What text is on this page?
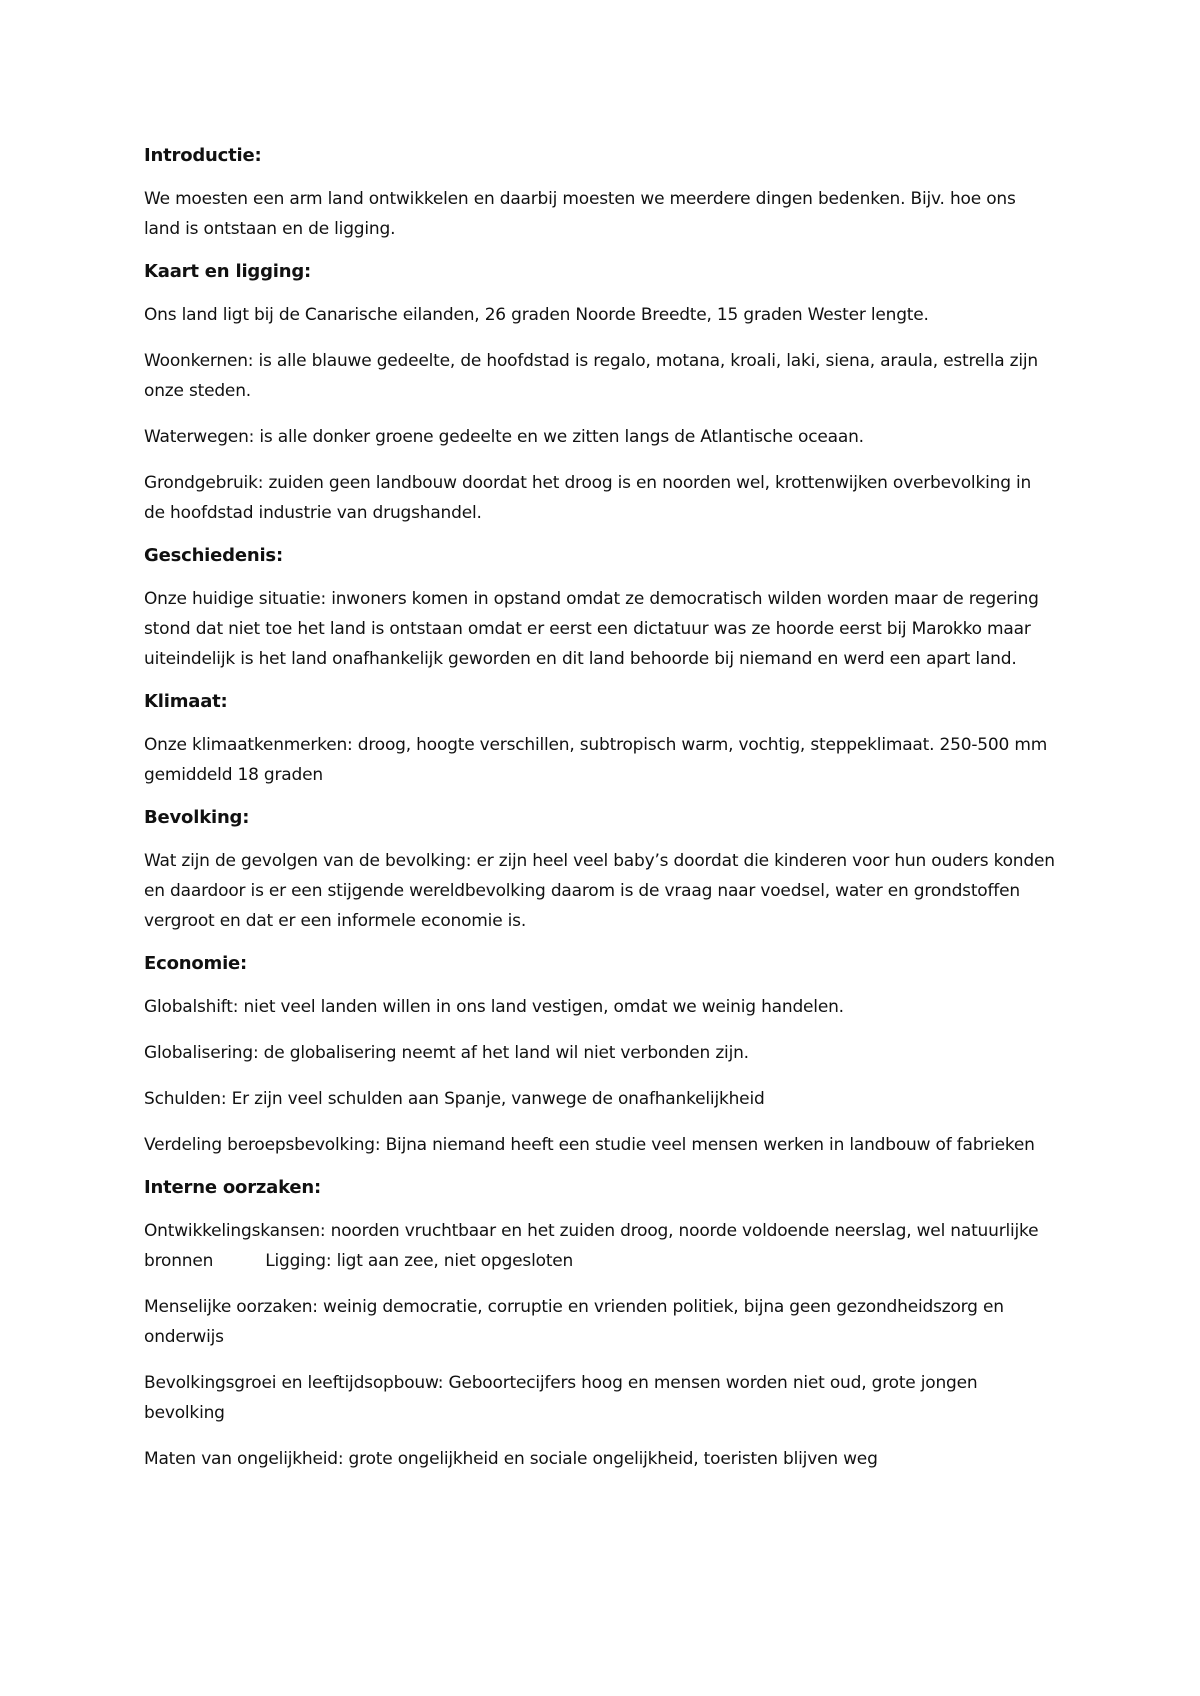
Introductie:

We moesten een arm land ontwikkelen en daarbij moesten we meerdere dingen bedenken. Bijv. hoe ons land is ontstaan en de ligging.

Kaart en ligging:

Ons land ligt bij de Canarische eilanden, 26 graden Noorde Breedte, 15 graden Wester lengte.

Woonkernen: is alle blauwe gedeelte, de hoofdstad is regalo, motana, kroali, laki, siena, araula, estrella zijn onze steden.

Waterwegen: is alle donker groene gedeelte en we zitten langs de Atlantische oceaan.

Grondgebruik: zuiden geen landbouw doordat het droog is en noorden wel, krottenwijken overbevolking in de hoofdstad industrie van drugshandel.

Geschiedenis:

Onze huidige situatie: inwoners komen in opstand omdat ze democratisch wilden worden maar de regering stond dat niet toe het land is ontstaan omdat er eerst een dictatuur was ze hoorde eerst bij Marokko maar uiteindelijk is het land onafhankelijk geworden en dit land behoorde bij niemand en werd een apart land.

Klimaat:

Onze klimaatkenmerken: droog, hoogte verschillen, subtropisch warm, vochtig, steppeklimaat. 250-500 mm gemiddeld 18 graden

Bevolking:

Wat zijn de gevolgen van de bevolking: er zijn heel veel baby’s doordat die kinderen voor hun ouders konden en daardoor is er een stijgende wereldbevolking daarom is de vraag naar voedsel, water en grondstoffen vergroot en dat er een informele economie is.

Economie:

Globalshift: niet veel landen willen in ons land vestigen, omdat we weinig handelen.

Globalisering: de globalisering neemt af het land wil niet verbonden zijn.

Schulden: Er zijn veel schulden aan Spanje, vanwege de onafhankelijkheid

Verdeling beroepsbevolking: Bijna niemand heeft een studie veel mensen werken in landbouw of fabrieken

Interne oorzaken:

Ontwikkelingskansen: noorden vruchtbaar en het zuiden droog, noorde voldoende neerslag, wel natuurlijke bronnen	Ligging: ligt aan zee, niet opgesloten

Menselijke oorzaken: weinig democratie, corruptie en vrienden politiek, bijna geen gezondheidszorg en onderwijs

Bevolkingsgroei en leeftijdsopbouw: Geboortecijfers hoog en mensen worden niet oud, grote jongen bevolking

Maten van ongelijkheid: grote ongelijkheid en sociale ongelijkheid, toeristen blijven weg
